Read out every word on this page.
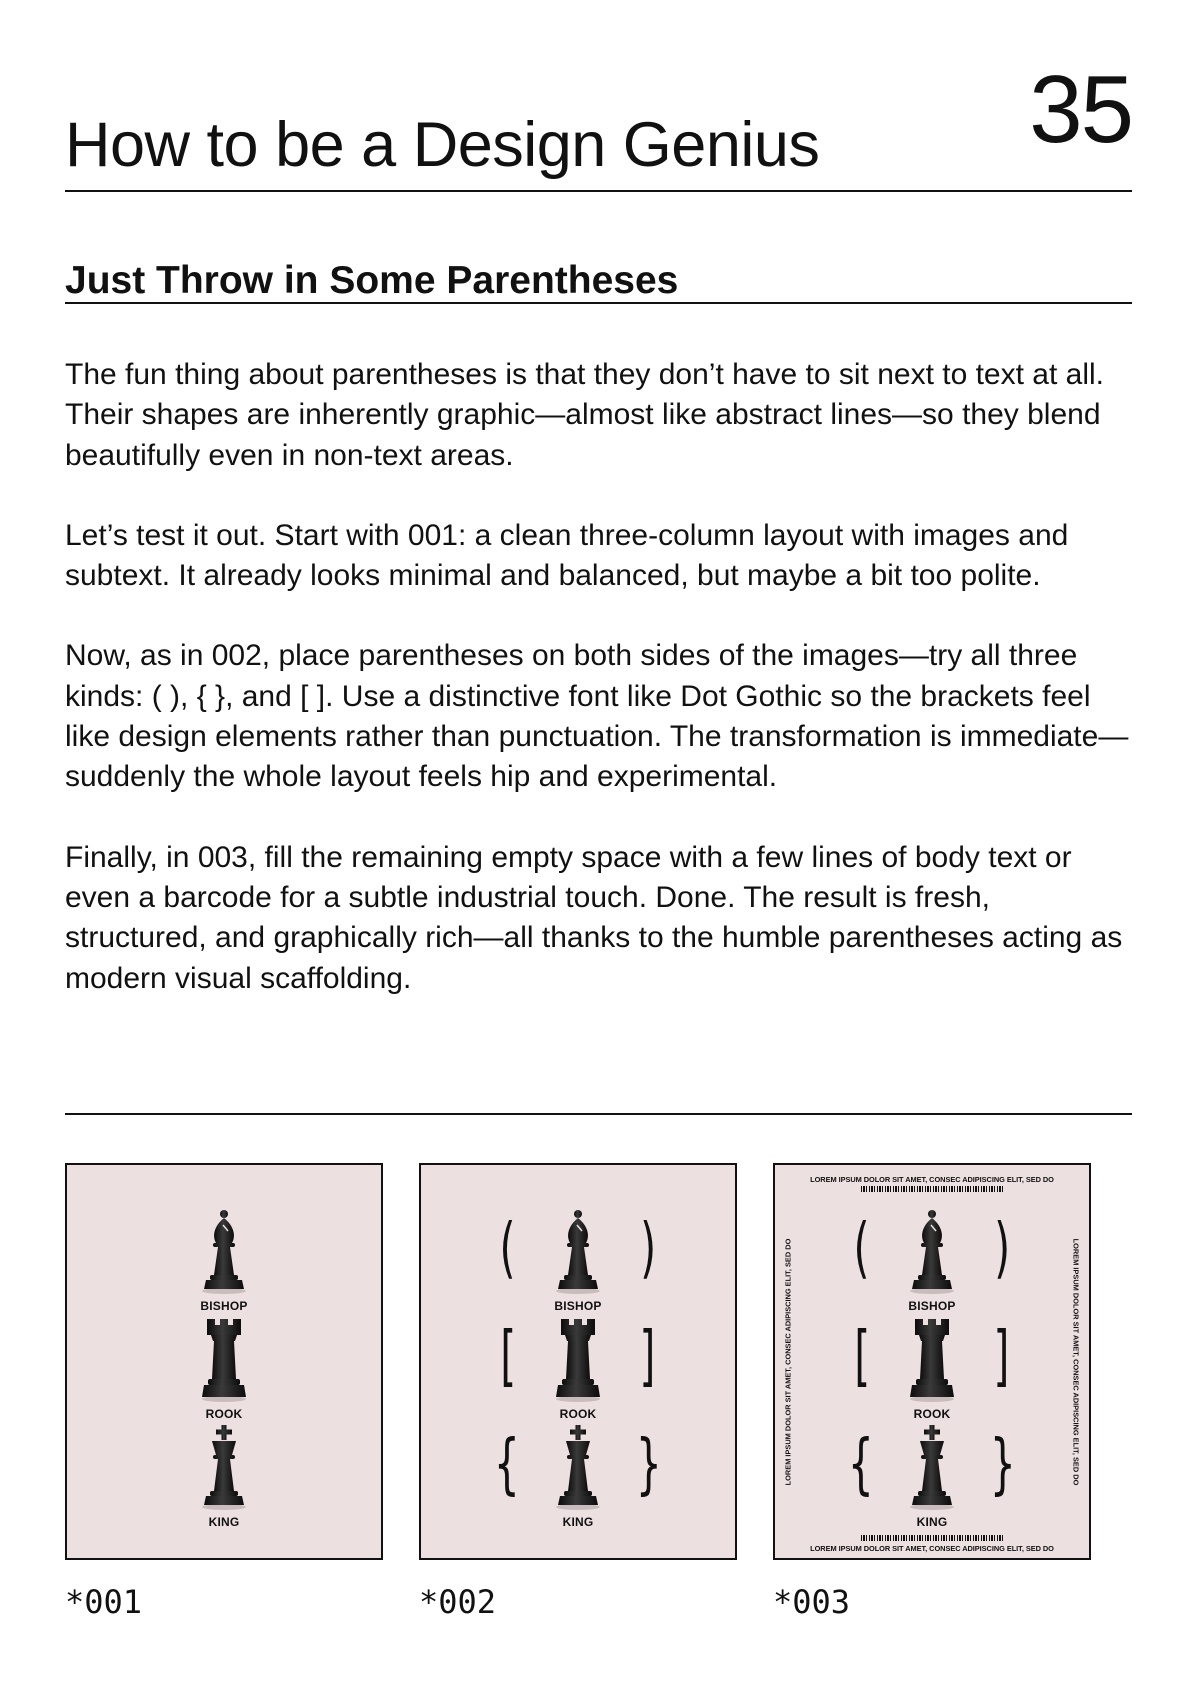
How to be a Design Genius 35
Just Throw in Some Parentheses

The fun thing about parentheses is that they don’t have to sit next to text at all. Their shapes are inherently graphic—almost like abstract lines—so they blend beautifully even in non-text areas.

Let’s test it out. Start with 001: a clean three-column layout with images and subtext. It already looks minimal and balanced, but maybe a bit too polite.

Now, as in 002, place parentheses on both sides of the images—try all three kinds: ( ), { }, and [ ]. Use a distinctive font like Dot Gothic so the brackets feel like design elements rather than punctuation. The transformation is immediate—suddenly the whole layout feels hip and experimental.

Finally, in 003, fill the remaining empty space with a few lines of body text or even a barcode for a subtle industrial touch. Done. The result is fresh, structured, and graphically rich—all thanks to the humble parentheses acting as modern visual scaffolding.

BISHOP
ROOK
KING
( )
BISHOP
[ ]
ROOK
{ }
KING
LOREM IPSUM DOLOR SIT AMET, CONSEC ADIPISCING ELIT, SED DO
LOREM IPSUM DOLOR SIT AMET, CONSEC ADIPISCING ELIT, SED DO	LOREM IPSUM DOLOR SIT AMET, CONSEC ADIPISCING ELIT, SED DO
( )
BISHOP
[ ]
ROOK
{ }
KING
LOREM IPSUM DOLOR SIT AMET, CONSEC ADIPISCING ELIT, SED DO
*001	*002	*003
